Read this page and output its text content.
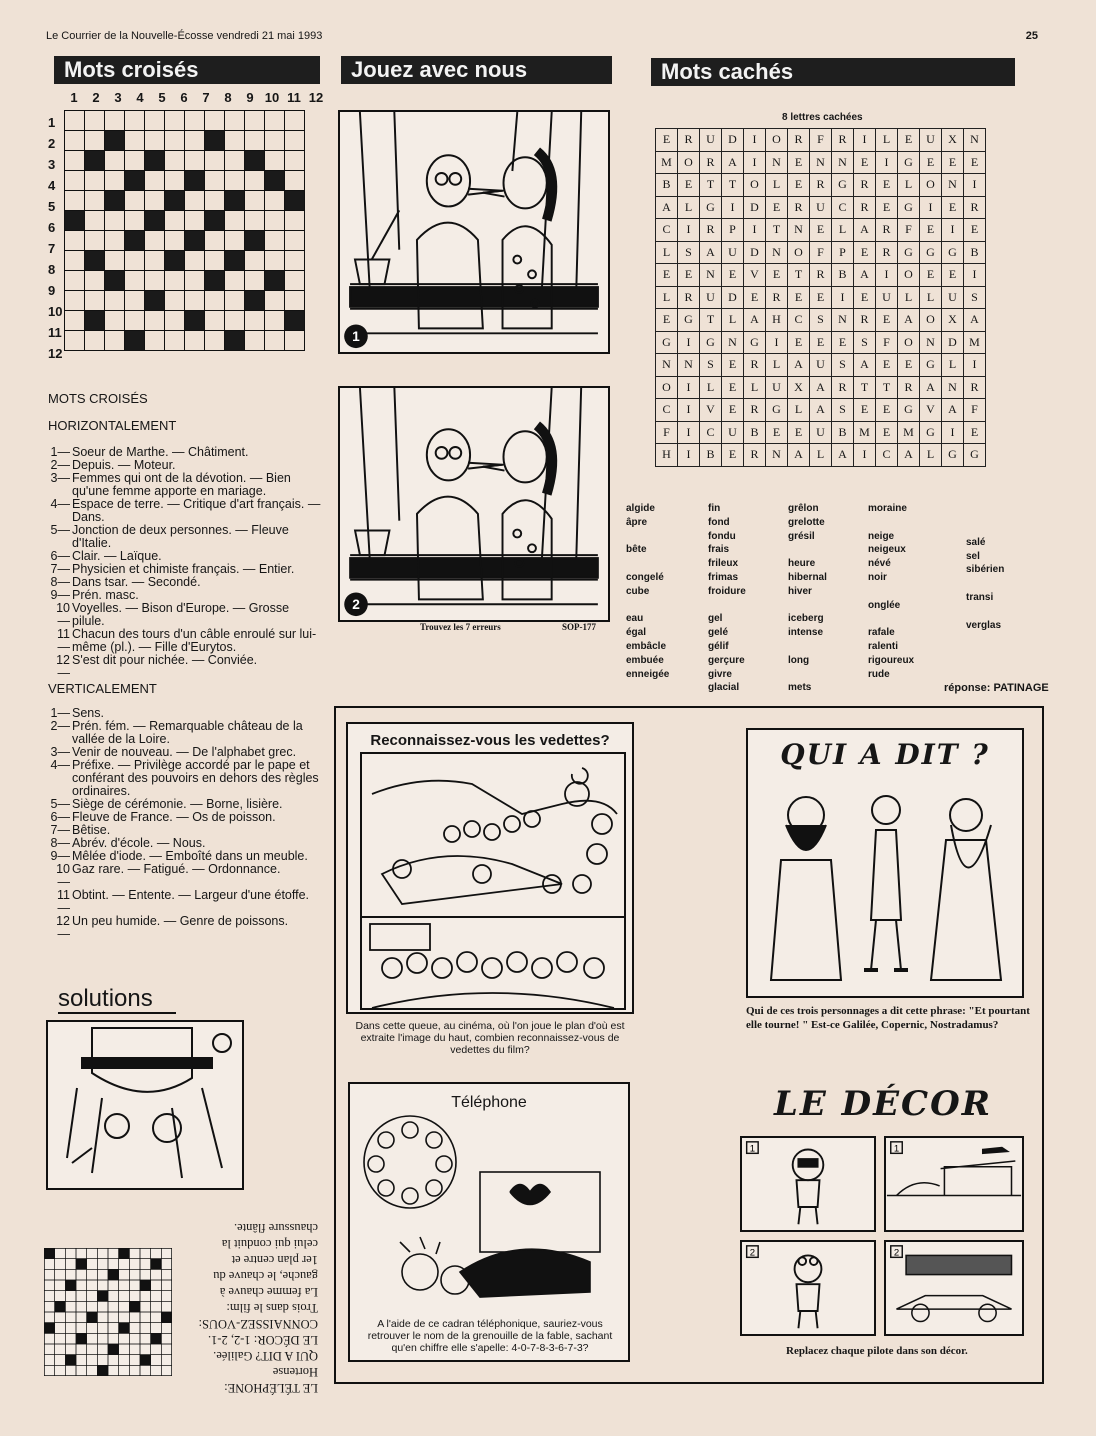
Le Courrier de la Nouvelle-Écosse vendredi 21 mai 1993	25
Mots croisés
1	2	3	4	5	6	7	8	9 10 11 12
1
2
3
4
5
6
7
8
9
10
11
12

MOTS CROISÉS
HORIZONTALEMENT
1— Soeur de Marthe. — Châtiment.
2— Depuis. — Moteur.
3— Femmes qui ont de la dévotion. — Bien qu'une femme apporte en mariage.
4— Espace de terre. — Critique d'art français. — Dans.
5— Jonction de deux personnes. — Fleuve d'Italie.
6— Clair. — Laïque.
7— Physicien et chimiste français. — Entier.
8— Dans tsar. — Secondé.
9— Prén. masc.
10—
Voyelles. — Bison d'Europe. — Grosse pilule.
11—
Chacun des tours d'un câble enroulé sur lui-même (pl.). — Fille d'Eurytos.
12—
S'est dit pour nichée. — Conviée.
VERTICALEMENT
1— Sens.
2— Prén. fém. — Remarquable château de la vallée de la Loire.
3— Venir de nouveau. — De l'alphabet grec.
4— Préfixe. — Privilège accordé par le pape et conférant des pouvoirs en dehors des règles ordinaires.
5— Siège de cérémonie. — Borne, lisière.
6— Fleuve de France. — Os de poisson.
7— Bêtise.
8— Abrév. d'école. — Nous.
9— Mêlée d'iode. — Emboîté dans un meuble.
10—
Gaz rare. — Fatigué. — Ordonnance.
11—
Obtint. — Entente. — Largeur d'une étoffe.
12—
Un peu humide. — Genre de poissons.
solutions
LE TÉLÉPHONE:
Hortense
QUI A DIT? Galilée.
LE DÉCOR: 1-2, 2-1.
CONNAISSEZ-VOUS:
Trois dans le film:
La femme chauve à
gauche, le chauve du
1er plan centre et
celui qui conduit la
chaussure flânte.
Jouez avec nous
1
2
Trouvez les 7 erreurs	SOP-177
Mots cachés
8 lettres cachées
E	R	U	D	I	O	R	F	R	I	L	E	U	X	N
M	O	R	A	I	N	E	N	N	E	I	G	E	E	E
B	E	T	T	O	L	E	R	G	R	E	L	O	N	I
A	L	G	I	D	E	R	U	C	R	E	G	I	E	R
C	I	R	P	I	T	N	E	L	A	R	F	E	I	E
L	S	A	U	D	N	O	F	P	E	R	G	G	G	B
E	E	N	E	V	E	T	R	B	A	I	O	E	E	I
L	R	U	D	E	R	E	E	I	E	U	L	L	U	S
E	G	T	L	A	H	C	S	N	R	E	A	O	X	A
G	I	G	N	G	I	E	E	E	S	F	O	N	D	M
N	N	S	E	R	L	A	U	S	A	E	E	G	L	I
O	I	L	E	L	U	X	A	R	T	T	R	A	N	R
C	I	V	E	R	G	L	A	S	E	E	G	V	A	F
F	I	C	U	B	E	E	U	B	M	E	M	G	I	E
H	I	B	E	R	N	A	L	A	I	C	A	L	G	G
algide
âpre
bête
congelé
cube
eau
égal
embâcle
embuée
enneigée
fin
fond
fondu
frais
frileux
frimas
froidure
gel
gelé
gélif
gerçure
givre
glacial
grêlon
grelotte
grésil
heure
hibernal
hiver
iceberg
intense
long
mets
moraine
neige
neigeux
névé
noir
onglée
rafale
ralenti
rigoureux
rude
salé
sel
sibérien
transi
verglas
réponse: PATINAGE
Reconnaissez-vous les vedettes?
Dans cette queue, au cinéma, où l'on joue le plan d'où est extraite l'image du haut, combien reconnaissez-vous de vedettes du film?
QUI A DIT ?
Qui de ces trois personnages a dit cette phrase: "Et pourtant elle tourne! " Est-ce Galilée, Copernic, Nostradamus?
Téléphone
A l'aide de ce cadran téléphonique, sauriez-vous retrouver le nom de la grenouille de la fable, sachant qu'en chiffre elle s'apelle: 4-0-7-8-3-6-7-3?
LE DÉCOR
1	1
2	2
Replacez chaque pilote dans son décor.
